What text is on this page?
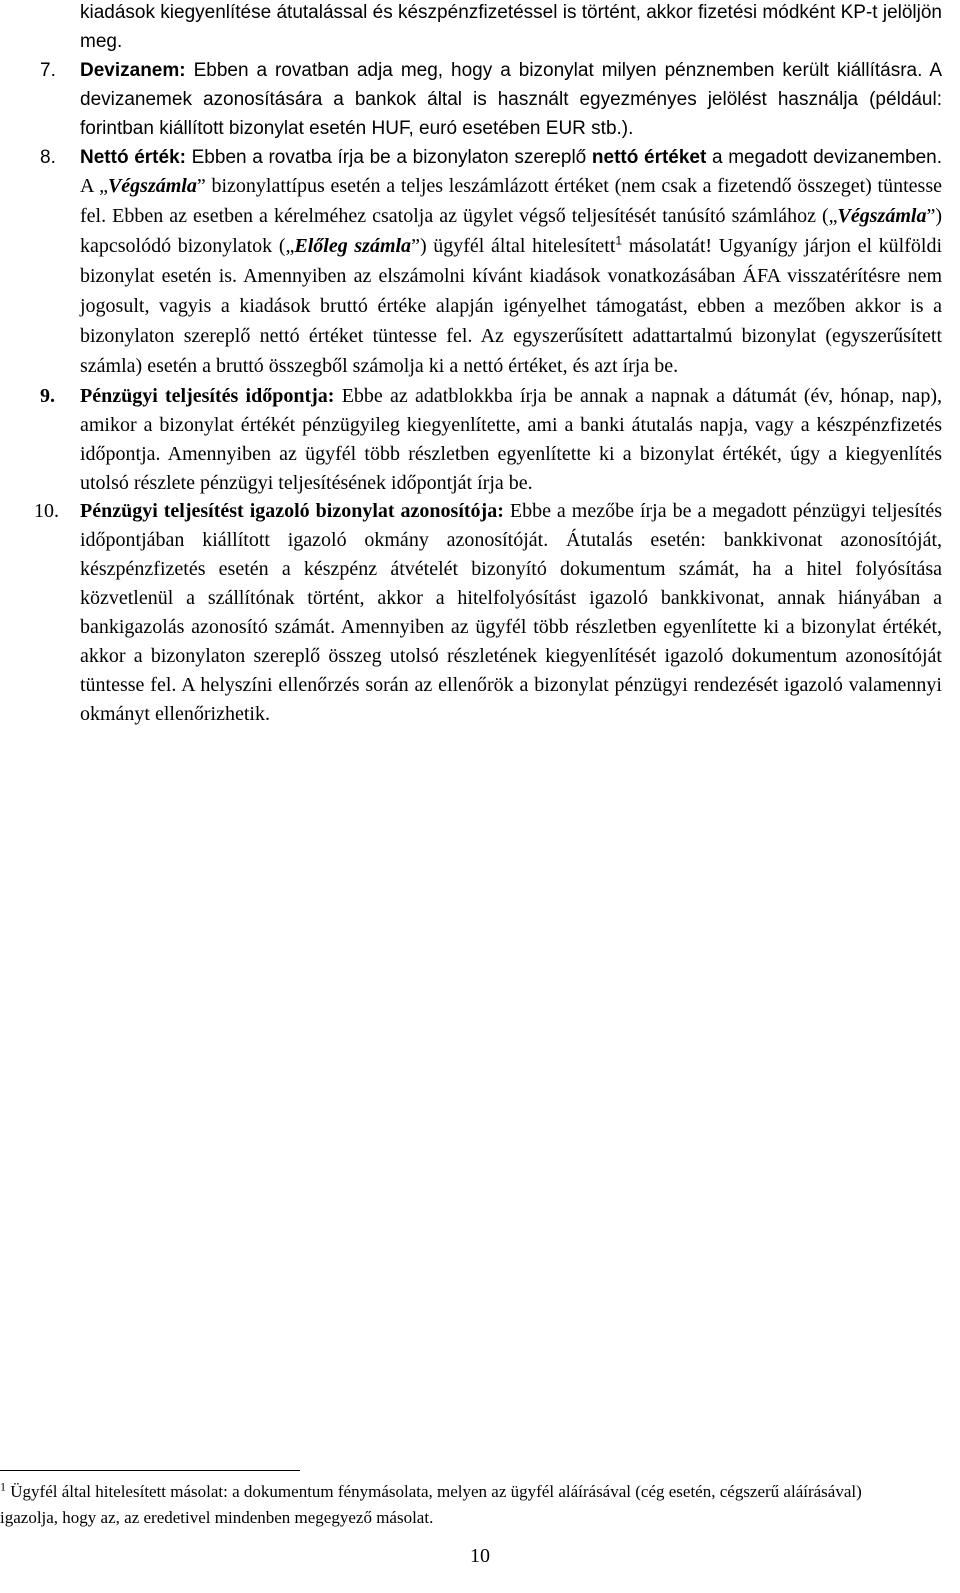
kiadások kiegyenlítése átutalással és készpénzfizetéssel is történt, akkor fizetési módként KP-t jelöljön meg.

7. Devizanem: Ebben a rovatban adja meg, hogy a bizonylat milyen pénznemben került kiállításra. A devizanemek azonosítására a bankok által is használt egyezményes jelölést használja (például: forintban kiállított bizonylat esetén HUF, euró esetében EUR stb.).

8. Nettó érték: Ebben a rovatba írja be a bizonylaton szereplő nettó értéket a megadott devizanemben. A „Végszámla” bizonylattípus esetén a teljes leszámlázott értéket (nem csak a fizetendő összeget) tüntesse fel. Ebben az esetben a kérelméhez csatolja az ügylet végső teljesítését tanúsító számlához („Végszámla”) kapcsolódó bizonylatok („Előleg számla”) ügyfél által hitelesített$^1$ másolatát! Ugyanígy járjon el külföldi bizonylat esetén is. Amennyiben az elszámolni kívánt kiadások vonatkozásában ÁFA visszatérítésre nem jogosult, vagyis a kiadások bruttó értéke alapján igényelhet támogatást, ebben a mezőben akkor is a bizonylaton szereplő nettó értéket tüntesse fel. Az egyszerűsített adattartalmú bizonylat (egyszerűsített számla) esetén a bruttó összegből számolja ki a nettó értéket, és azt írja be.

9. Pénzügyi teljesítés időpontja: Ebbe az adatblokkba írja be annak a napnak a dátumát (év, hónap, nap), amikor a bizonylat értékét pénzügyileg kiegyenlítette, ami a banki átutalás napja, vagy a készpénzfizetés időpontja. Amennyiben az ügyfél több részletben egyenlítette ki a bizonylat értékét, úgy a kiegyenlítés utolsó részlete pénzügyi teljesítésének időpontját írja be.

10. Pénzügyi teljesítést igazoló bizonylat azonosítója: Ebbe a mezőbe írja be a megadott pénzügyi teljesítés időpontjában kiállított igazoló okmány azonosítóját. Átutalás esetén: bankkivonat azonosítóját, készpénzfizetés esetén a készpénz átvételét bizonyító dokumentum számát, ha a hitel folyósítása közvetlenül a szállítónak történt, akkor a hitelfolyósítást igazoló bankkivonat, annak hiányában a bankigazolás azonosító számát. Amennyiben az ügyfél több részletben egyenlítette ki a bizonylat értékét, akkor a bizonylaton szereplő összeg utolsó részletének kiegyenlítését igazoló dokumentum azonosítóját tüntesse fel. A helyszíni ellenőrzés során az ellenőrök a bizonylat pénzügyi rendezését igazoló valamennyi okmányt ellenőrizhetik.

$^1$ Ügyfél által hitelesített másolat: a dokumentum fénymásolata, melyen az ügyfél aláírásával (cég esetén, cégszerű aláírásával) igazolja, hogy az, az eredetivel mindenben megegyező másolat.

10
